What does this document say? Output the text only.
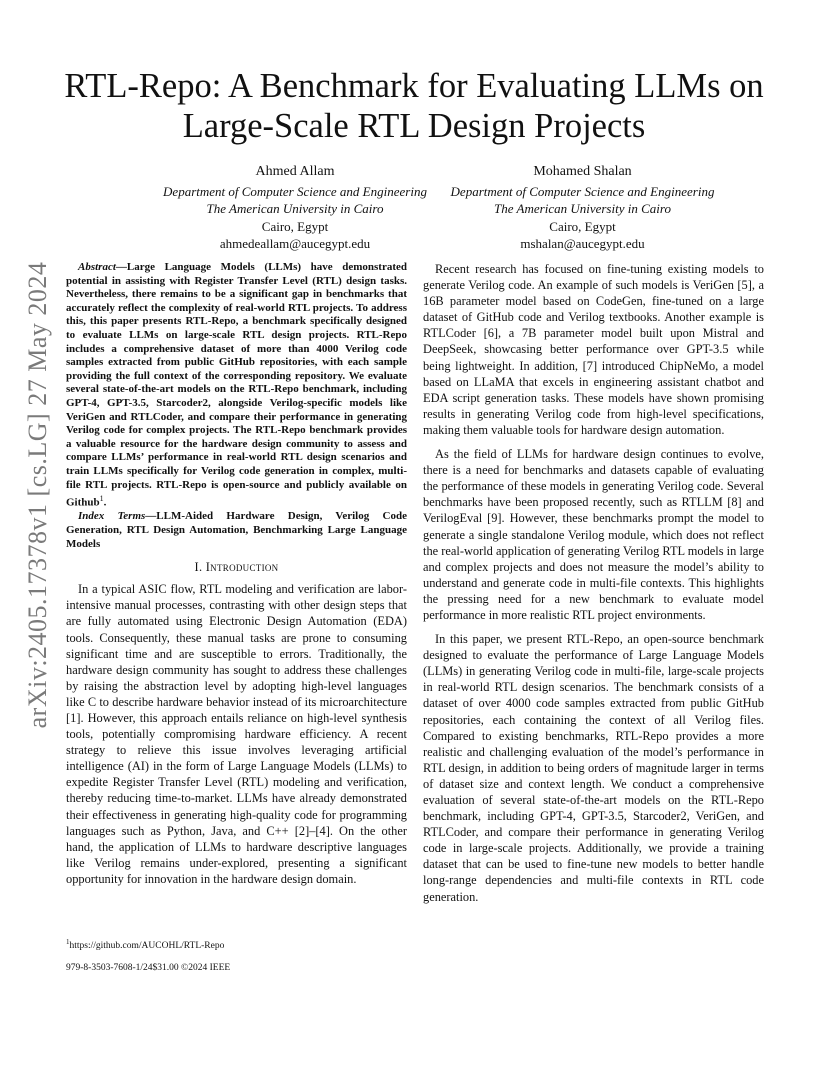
arXiv:2405.17378v1 [cs.LG] 27 May 2024
RTL-Repo: A Benchmark for Evaluating LLMs on
Large-Scale RTL Design Projects
Ahmed Allam
Department of Computer Science and Engineering
The American University in Cairo
Cairo, Egypt
ahmedeallam@aucegypt.edu
Mohamed Shalan
Department of Computer Science and Engineering
The American University in Cairo
Cairo, Egypt
mshalan@aucegypt.edu

Abstract—Large Language Models (LLMs) have demonstrated potential in assisting with Register Transfer Level (RTL) design tasks. Nevertheless, there remains to be a significant gap in benchmarks that accurately reflect the complexity of real-world RTL projects. To address this, this paper presents RTL-Repo, a benchmark specifically designed to evaluate LLMs on large-scale RTL design projects. RTL-Repo includes a comprehensive dataset of more than 4000 Verilog code samples extracted from public GitHub repositories, with each sample providing the full context of the corresponding repository. We evaluate several state-of-the-art models on the RTL-Repo benchmark, including GPT-4, GPT-3.5, Starcoder2, alongside Verilog-specific models like VeriGen and RTLCoder, and compare their performance in generating Verilog code for complex projects. The RTL-Repo benchmark provides a valuable resource for the hardware design community to assess and compare LLMs’ performance in real-world RTL design scenarios and train LLMs specifically for Verilog code generation in complex, multi-file RTL projects. RTL-Repo is open-source and publicly available on Github$^1$.

Index Terms—LLM-Aided Hardware Design, Verilog Code Generation, RTL Design Automation, Benchmarking Large Language Models

I. Introduction

In a typical ASIC flow, RTL modeling and verification are labor-intensive manual processes, contrasting with other design steps that are fully automated using Electronic Design Automation (EDA) tools. Consequently, these manual tasks are prone to consuming significant time and are susceptible to errors. Traditionally, the hardware design community has sought to address these challenges by raising the abstraction level by adopting high-level languages like C to describe hardware behavior instead of its microarchitecture [1]. However, this approach entails reliance on high-level synthesis tools, potentially compromising hardware efficiency. A recent strategy to relieve this issue involves leveraging artificial intelligence (AI) in the form of Large Language Models (LLMs) to expedite Register Transfer Level (RTL) modeling and verification, thereby reducing time-to-market. LLMs have already demonstrated their effectiveness in generating high-quality code for programming languages such as Python, Java, and C++ [2]–[4]. On the other hand, the application of LLMs to hardware descriptive languages like Verilog remains under-explored, presenting a significant opportunity for innovation in the hardware design domain.

$^1$https://github.com/AUCOHL/RTL-Repo
979-8-3503-7608-1/24$31.00 ©2024 IEEE

Recent research has focused on fine-tuning existing models to generate Verilog code. An example of such models is VeriGen [5], a 16B parameter model based on CodeGen, fine-tuned on a large dataset of GitHub code and Verilog textbooks. Another example is RTLCoder [6], a 7B parameter model built upon Mistral and DeepSeek, showcasing better performance over GPT-3.5 while being lightweight. In addition, [7] introduced ChipNeMo, a model based on LLaMA that excels in engineering assistant chatbot and EDA script generation tasks. These models have shown promising results in generating Verilog code from high-level specifications, making them valuable tools for hardware design automation.

As the field of LLMs for hardware design continues to evolve, there is a need for benchmarks and datasets capable of evaluating the performance of these models in generating Verilog code. Several benchmarks have been proposed recently, such as RTLLM [8] and VerilogEval [9]. However, these benchmarks prompt the model to generate a single standalone Verilog module, which does not reflect the real-world application of generating Verilog RTL models in large and complex projects and does not measure the model’s ability to understand and generate code in multi-file contexts. This highlights the pressing need for a new benchmark to evaluate model performance in more realistic RTL project environments.

In this paper, we present RTL-Repo, an open-source benchmark designed to evaluate the performance of Large Language Models (LLMs) in generating Verilog code in multi-file, large-scale projects in real-world RTL design scenarios. The benchmark consists of a dataset of over 4000 code samples extracted from public GitHub repositories, each containing the context of all Verilog files. Compared to existing benchmarks, RTL-Repo provides a more realistic and challenging evaluation of the model’s performance in RTL design, in addition to being orders of magnitude larger in terms of dataset size and context length. We conduct a comprehensive evaluation of several state-of-the-art models on the RTL-Repo benchmark, including GPT-4, GPT-3.5, Starcoder2, VeriGen, and RTLCoder, and compare their performance in generating Verilog code in large-scale projects. Additionally, we provide a training dataset that can be used to fine-tune new models to better handle long-range dependencies and multi-file contexts in RTL code generation.
